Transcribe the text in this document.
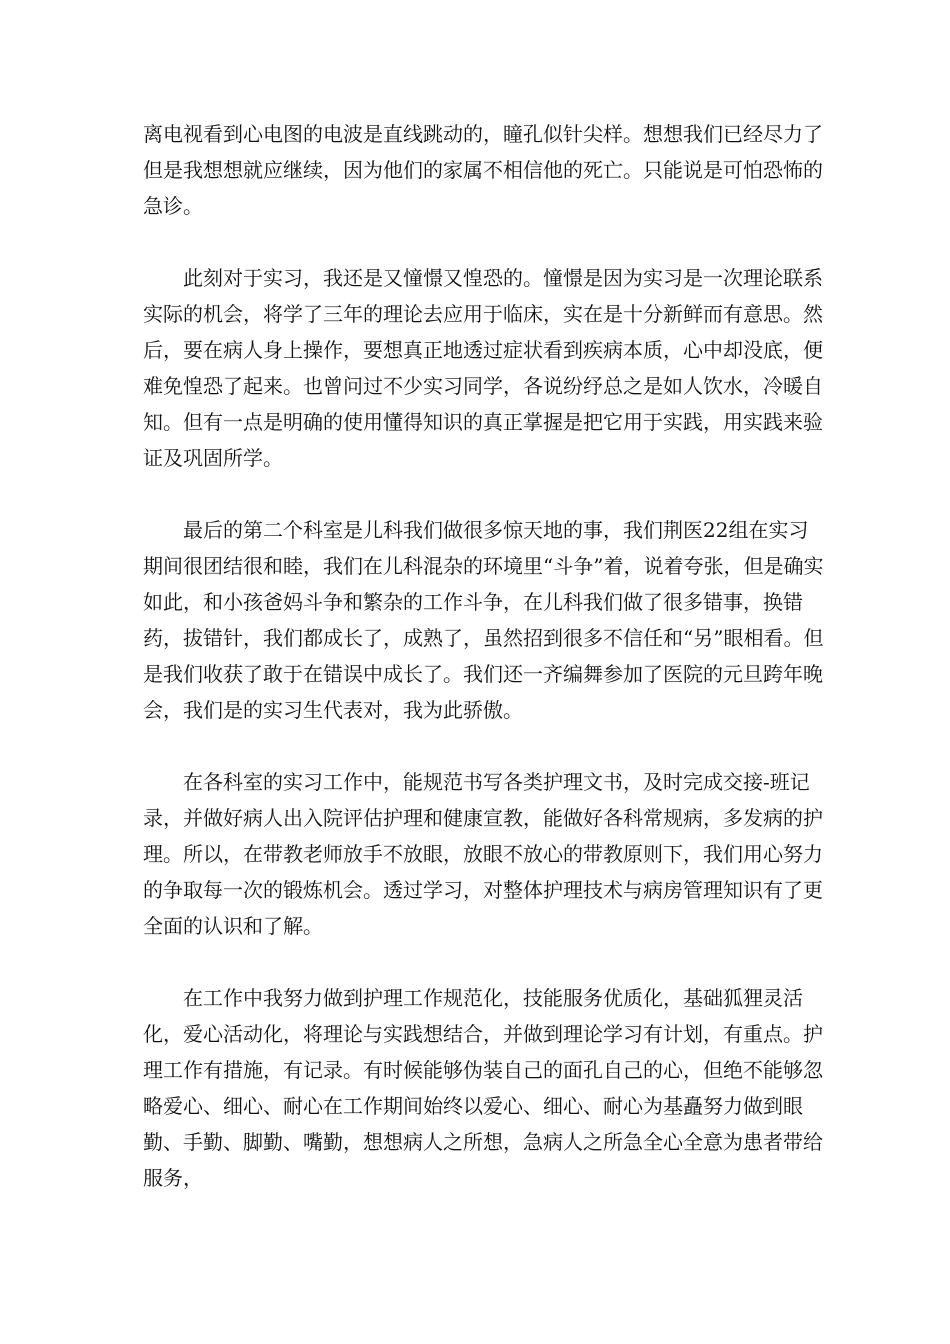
离电视看到心电图的电波是直线跳动的，瞳孔似针尖样。想想我们已经尽力了但是我想想就应继续，因为他们的家属不相信他的死亡。只能说是可怕恐怖的急诊。

此刻对于实习，我还是又憧憬又惶恐的。憧憬是因为实习是一次理论联系实际的机会，将学了三年的理论去应用于临床，实在是十分新鲜而有意思。然后，要在病人身上操作，要想真正地透过症状看到疾病本质，心中却没底，便难免惶恐了起来。也曾问过不少实习同学，各说纷纾总之是如人饮水，冷暖自知。但有一点是明确的使用懂得知识的真正掌握是把它用于实践，用实践来验证及巩固所学。

最后的第二个科室是儿科我们做很多惊天地的事，我们荆医22组在实习期间很团结很和睦，我们在儿科混杂的环境里“斗争”着，说着夸张，但是确实如此，和小孩爸妈斗争和繁杂的工作斗争，在儿科我们做了很多错事，换错药，拔错针，我们都成长了，成熟了，虽然招到很多不信任和“另”眼相看。但是我们收获了敢于在错误中成长了。我们还一齐编舞参加了医院的元旦跨年晚会，我们是的实习生代表对，我为此骄傲。

在各科室的实习工作中，能规范书写各类护理文书，及时完成交接-班记录，并做好病人出入院评估护理和健康宣教，能做好各科常规病，多发病的护理。所以，在带教老师放手不放眼，放眼不放心的带教原则下，我们用心努力的争取每一次的锻炼机会。透过学习，对整体护理技术与病房管理知识有了更全面的认识和了解。

在工作中我努力做到护理工作规范化，技能服务优质化，基础狐狸灵活化，爱心活动化，将理论与实践想结合，并做到理论学习有计划，有重点。护理工作有措施，有记录。有时候能够伪装自己的面孔自己的心，但绝不能够忽略爱心、细心、耐心在工作期间始终以爱心、细心、耐心为基矗努力做到眼勤、手勤、脚勤、嘴勤，想想病人之所想，急病人之所急全心全意为患者带给服务，
